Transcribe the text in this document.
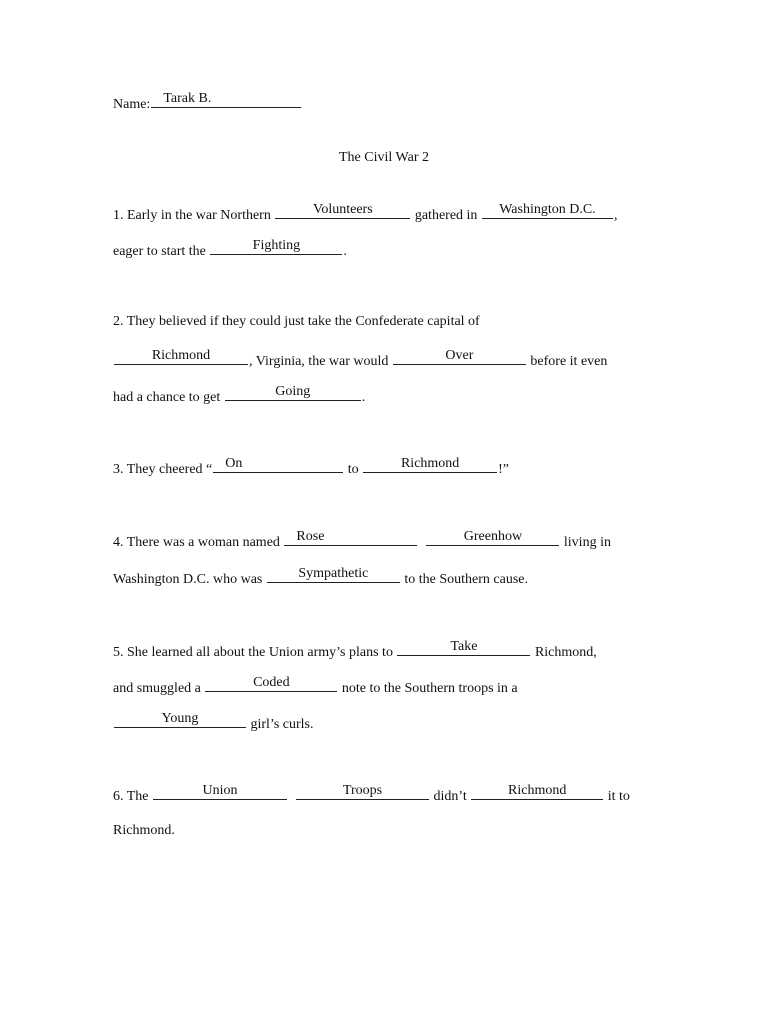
Name: Tarak B.
The Civil War 2
1. Early in the war Northern	Volunteers	gathered in	Washington D.C.	,
eager to start the	Fighting	.
2. They believed if they could just take the Confederate capital of
Richmond	, Virginia, the war would	Over	before it even
had a chance to get	Going	.
3. They cheered “ On	to	Richmond	!”
4. There was a woman named	Rose
	Greenhow	living in
Washington D.C. who was	Sympathetic	to the Southern cause.
5. She learned all about the Union army’s plans to	Take	Richmond,
and smuggled a	Coded	note to the Southern troops in a
Young	girl’s curls.
6. The	Union
	Troops	didn’t	Richmond	it to
Richmond.
